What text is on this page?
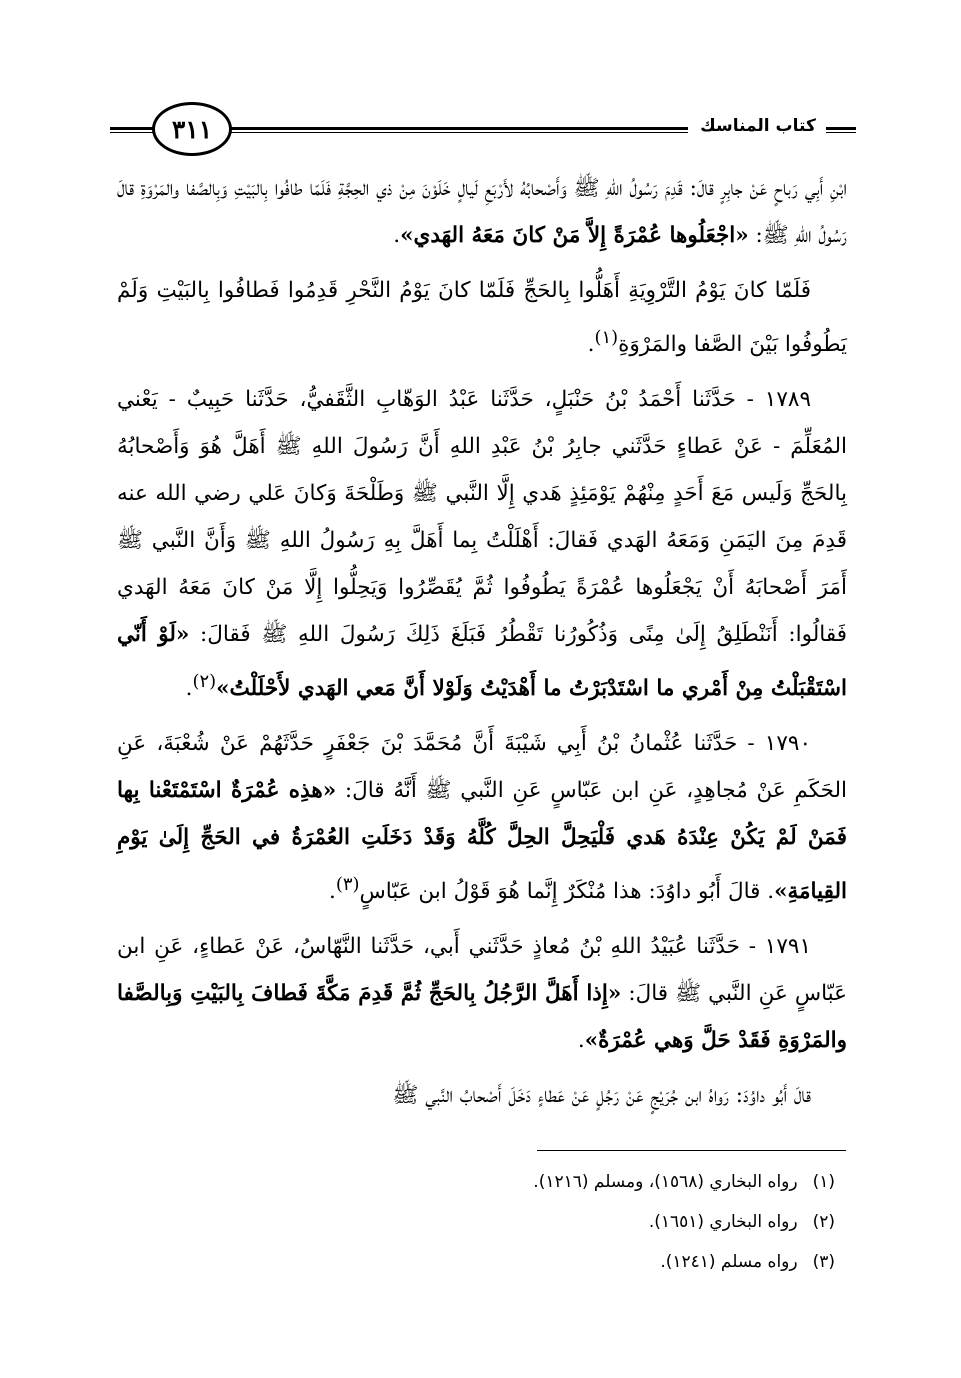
٣١١	كتاب المناسك

ابْنِ أَبِي رَباحٍ عَنْ جابِرٍ قالَ: قَدِمَ رَسُولُ اللهِ ﷺ وَأَصْحابُهُ لأَرْبَعِ لَيالٍ خَلَوْنَ مِنْ ذي الحِجَّةِ فَلَمّا طافُوا بِالبَيْتِ وَبِالصَّفا والمَرْوَةِ قالَ رَسُولُ اللهِ ﷺ: «اجْعَلُوها عُمْرَةً إِلاَّ مَنْ كانَ مَعَهُ الهَدي».

فَلَمّا كانَ يَوْمُ التَّرْوِيَةِ أَهَلُّوا بِالحَجِّ فَلَمّا كانَ يَوْمُ النَّحْرِ قَدِمُوا فَطافُوا بِالبَيْتِ وَلَمْ يَطُوفُوا بَيْنَ الصَّفا والمَرْوَةِ$^{(١)}$.

١٧٨٩ - حَدَّثَنا أَحْمَدُ بْنُ حَنْبَلٍ، حَدَّثَنا عَبْدُ الوَهّابِ الثَّقَفيُّ، حَدَّثَنا حَبِيبٌ - يَعْني المُعَلِّمَ - عَنْ عَطاءٍ حَدَّثَني جابِرُ بْنُ عَبْدِ اللهِ أَنَّ رَسُولَ اللهِ ﷺ أَهَلَّ هُوَ وَأَصْحابُهُ بِالحَجِّ وَلَيس مَعَ أَحَدٍ مِنْهُمْ يَوْمَئِذٍ هَدي إِلَّا النَّبي ﷺ وَطَلْحَةَ وَكانَ عَلي رضي الله عنه قَدِمَ مِنَ اليَمَنِ وَمَعَهُ الهَدي فَقالَ: أَهْلَلْتُ بِما أَهَلَّ بِهِ رَسُولُ اللهِ ﷺ وَأَنَّ النَّبي ﷺ أَمَرَ أَصْحابَهُ أَنْ يَجْعَلُوها عُمْرَةً يَطُوفُوا ثُمَّ يُقَصِّرُوا وَيَحِلُّوا إِلَّا مَنْ كانَ مَعَهُ الهَدي فَقالُوا: أَنَنْطَلِقُ إِلَىٰ مِنًى وَذُكُورُنا تَقْطُرُ فَبَلَغَ ذَلِكَ رَسُولَ اللهِ ﷺ فَقالَ: «لَوْ أَنّي اسْتَقْبَلْتُ مِنْ أَمْري ما اسْتَدْبَرْتُ ما أَهْدَيْتُ وَلَوْلا أَنَّ مَعي الهَدي لأَحْلَلْتُ»$^{(٢)}$.

١٧٩٠ - حَدَّثَنا عُثْمانُ بْنُ أَبِي شَيْبَةَ أَنَّ مُحَمَّدَ بْنَ جَعْفَرٍ حَدَّثَهُمْ عَنْ شُعْبَةَ، عَنِ الحَكَمِ عَنْ مُجاهِدٍ، عَنِ ابن عَبّاسٍ عَنِ النَّبي ﷺ أَنَّهُ قالَ: «هذِه عُمْرَةٌ اسْتَمْتَعْنا بِها فَمَنْ لَمْ يَكُنْ عِنْدَهُ هَدي فَلْيَحِلَّ الحِلَّ كُلَّهُ وَقَدْ دَخَلَتِ العُمْرَةُ في الحَجِّ إِلَىٰ يَوْمِ القِيامَةِ». قالَ أَبُو داوُدَ: هذا مُنْكَرٌ إِنَّما هُوَ قَوْلُ ابن عَبّاسٍ$^{(٣)}$.

١٧٩١ - حَدَّثَنا عُبَيْدُ اللهِ بْنُ مُعاذٍ حَدَّثَني أَبي، حَدَّثَنا النَّهّاسُ، عَنْ عَطاءٍ، عَنِ ابن عَبّاسٍ عَنِ النَّبي ﷺ قالَ: «إِذا أَهَلَّ الرَّجُلُ بِالحَجِّ ثُمَّ قَدِمَ مَكَّةَ فَطافَ بِالبَيْتِ وَبِالصَّفا والمَرْوَةِ فَقَدْ حَلَّ وَهي عُمْرَةٌ».

قالَ أَبُو داوُدَ: رَواهُ ابن جُرَيْجٍ عَنْ رَجُلٍ عَنْ عَطاءٍ دَخَلَ أَصْحابُ النَّبي ﷺ

(١) رواه البخاري (١٥٦٨)، ومسلم (١٢١٦).
(٢) رواه البخاري (١٦٥١).
(٣) رواه مسلم (١٢٤١).
